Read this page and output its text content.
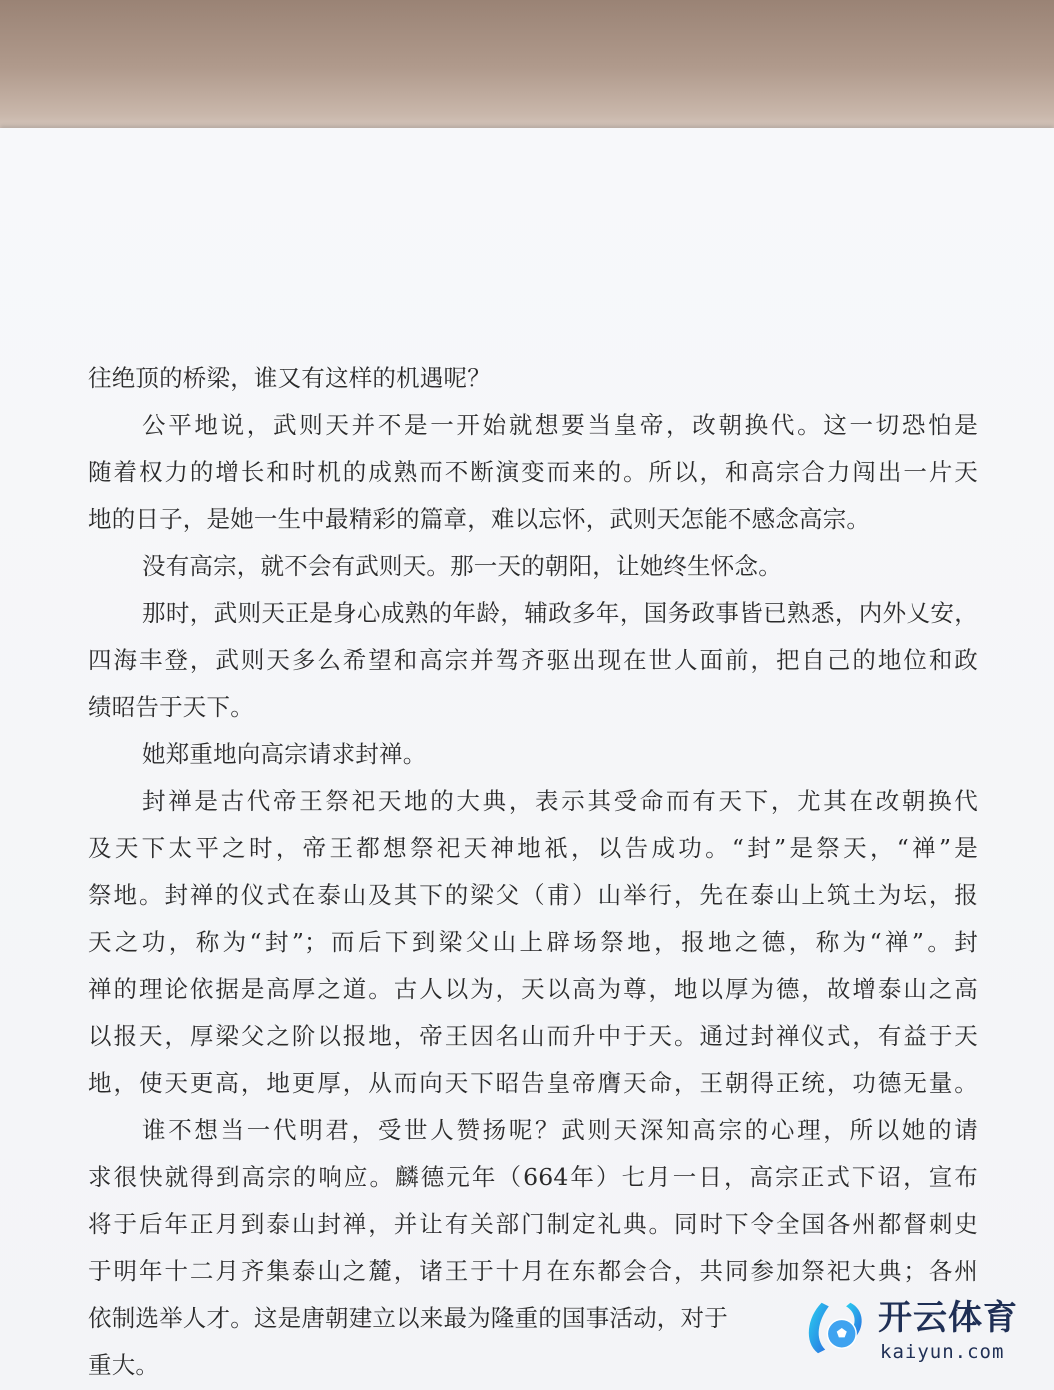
往绝顶的桥梁，谁又有这样的机遇呢？
公平地说，武则天并不是一开始就想要当皇帝，改朝换代。这一切恐怕是
随着权力的增长和时机的成熟而不断演变而来的。所以，和高宗合力闯出一片天
地的日子，是她一生中最精彩的篇章，难以忘怀，武则天怎能不感念高宗。
没有高宗，就不会有武则天。那一天的朝阳，让她终生怀念。
那时，武则天正是身心成熟的年龄，辅政多年，国务政事皆已熟悉，内外乂安，
四海丰登，武则天多么希望和高宗并驾齐驱出现在世人面前，把自己的地位和政
绩昭告于天下。
她郑重地向高宗请求封禅。
封禅是古代帝王祭祀天地的大典，表示其受命而有天下，尤其在改朝换代
及天下太平之时，帝王都想祭祀天神地祇，以告成功。“封”是祭天，“禅”是
祭地。封禅的仪式在泰山及其下的梁父（甫）山举行，先在泰山上筑土为坛，报
天之功，称为“封”；而后下到梁父山上辟场祭地，报地之德，称为“禅”。封
禅的理论依据是高厚之道。古人以为，天以高为尊，地以厚为德，故增泰山之高
以报天，厚梁父之阶以报地，帝王因名山而升中于天。通过封禅仪式，有益于天
地，使天更高，地更厚，从而向天下昭告皇帝膺天命，王朝得正统，功德无量。
谁不想当一代明君，受世人赞扬呢？武则天深知高宗的心理，所以她的请
求很快就得到高宗的响应。麟德元年（664年）七月一日，高宗正式下诏，宣布
将于后年正月到泰山封禅，并让有关部门制定礼典。同时下令全国各州都督刺史
于明年十二月齐集泰山之麓，诸王于十月在东都会合，共同参加祭祀大典；各州
依制选举人才。这是唐朝建立以来最为隆重的国事活动，对于
重大。
开云体育
kaiyun.com
